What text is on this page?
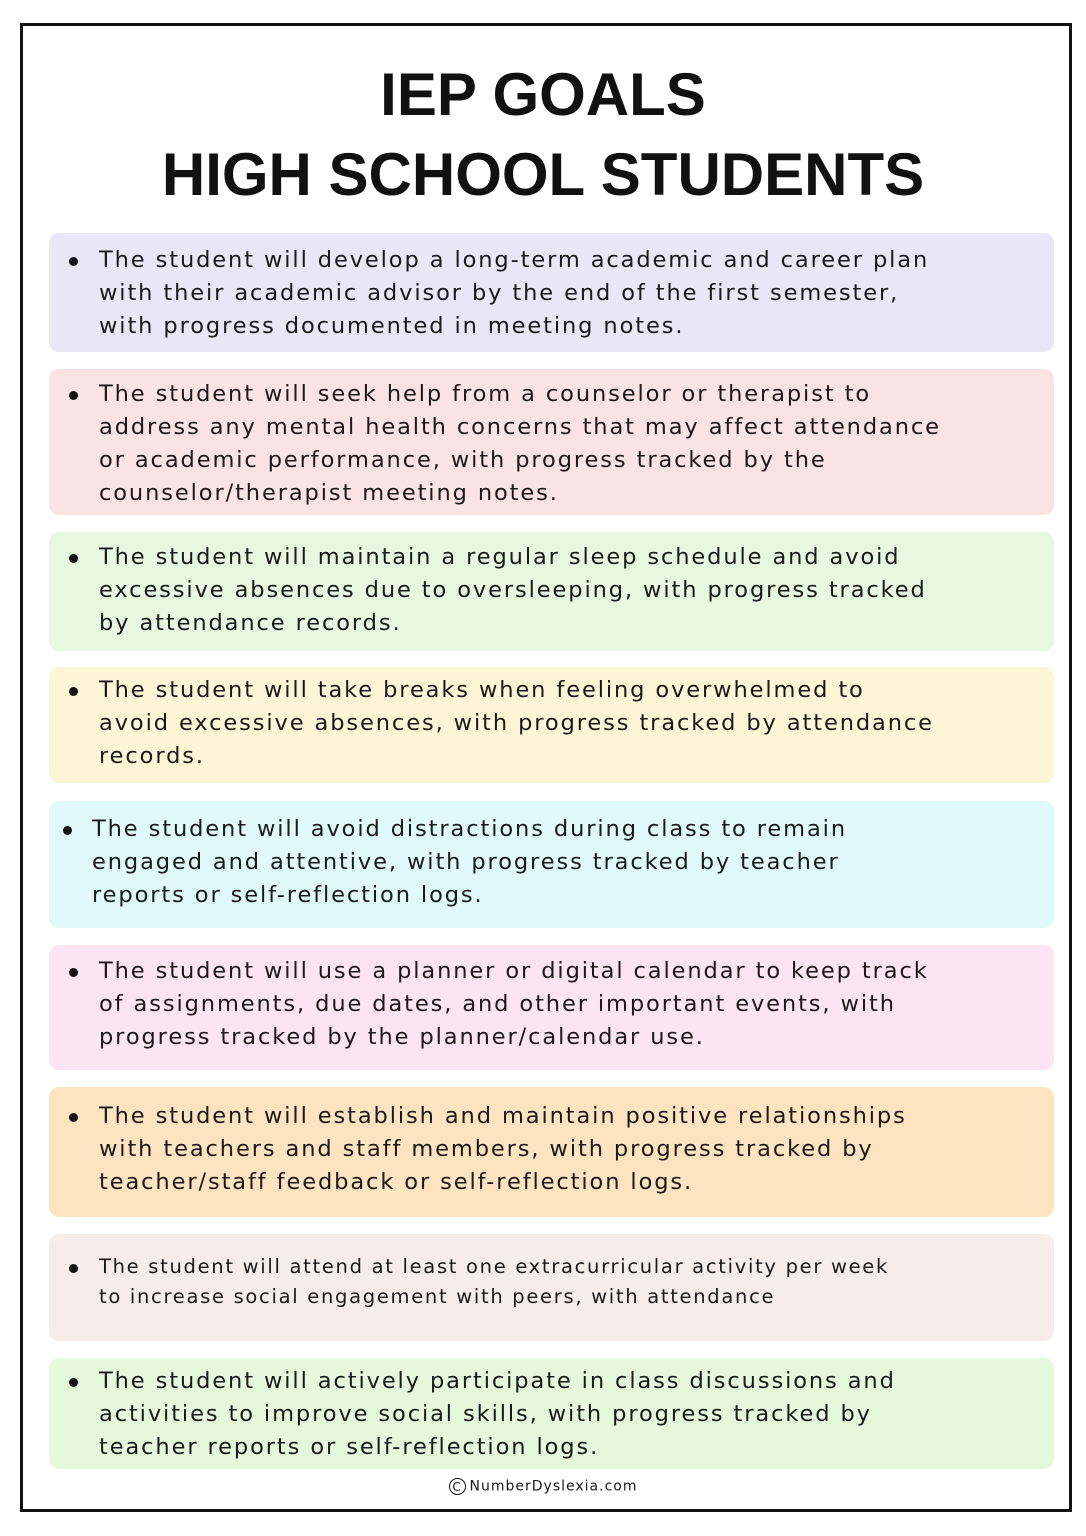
IEP GOALS
HIGH SCHOOL STUDENTS
The student will develop a long-term academic and career plan
with their academic advisor by the end of the first semester,
with progress documented in meeting notes.
The student will seek help from a counselor or therapist to
address any mental health concerns that may affect attendance
or academic performance, with progress tracked by the
counselor/therapist meeting notes.
The student will maintain a regular sleep schedule and avoid
excessive absences due to oversleeping, with progress tracked
by attendance records.
The student will take breaks when feeling overwhelmed to
avoid excessive absences, with progress tracked by attendance
records.
The student will avoid distractions during class to remain
engaged and attentive, with progress tracked by teacher
reports or self-reflection logs.
The student will use a planner or digital calendar to keep track
of assignments, due dates, and other important events, with
progress tracked by the planner/calendar use.
The student will establish and maintain positive relationships
with teachers and staff members, with progress tracked by
teacher/staff feedback or self-reflection logs.
The student will attend at least one extracurricular activity per week
to increase social engagement with peers, with attendance
The student will actively participate in class discussions and
activities to improve social skills, with progress tracked by
teacher reports or self-reflection logs.
C NumberDyslexia.com
